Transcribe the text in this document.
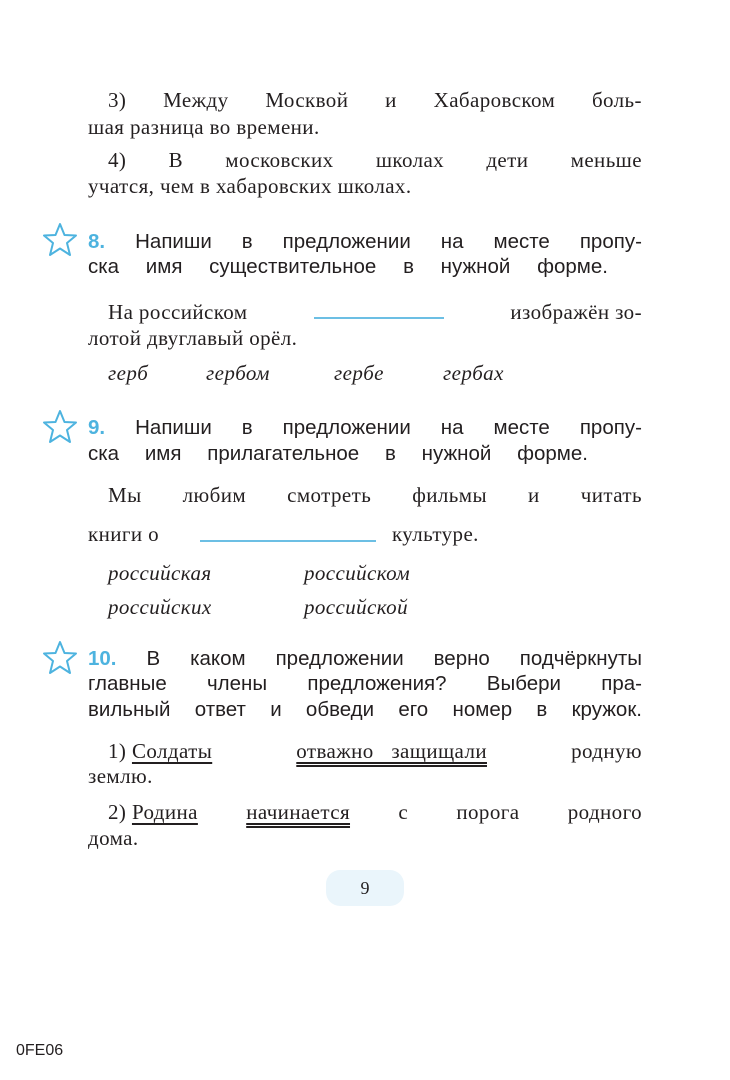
3) Между Москвой и Хабаровском боль-
шая разница во времени.
4) В московских школах дети меньше
учатся, чем в хабаровских школах.
8. Напиши в предложении на месте пропу-
ска имя существительное в нужной форме.
На российском	изображён зо-
лотой двуглавый орёл.
герб	гербом	гербе	гербах
9. Напиши в предложении на месте пропу-
ска имя прилагательное в нужной форме.
Мы любим смотреть фильмы и читать
книги о	культуре.
российская	российском
российских	российской
10. В каком предложении верно подчёркнуты
главные члены предложения? Выбери пра-
вильный ответ и обведи его номер в кружок.
1) Солдаты	отважно защищали	родную
землю.
2) Родина начинается с порога родного
дома.
9
0FE06
